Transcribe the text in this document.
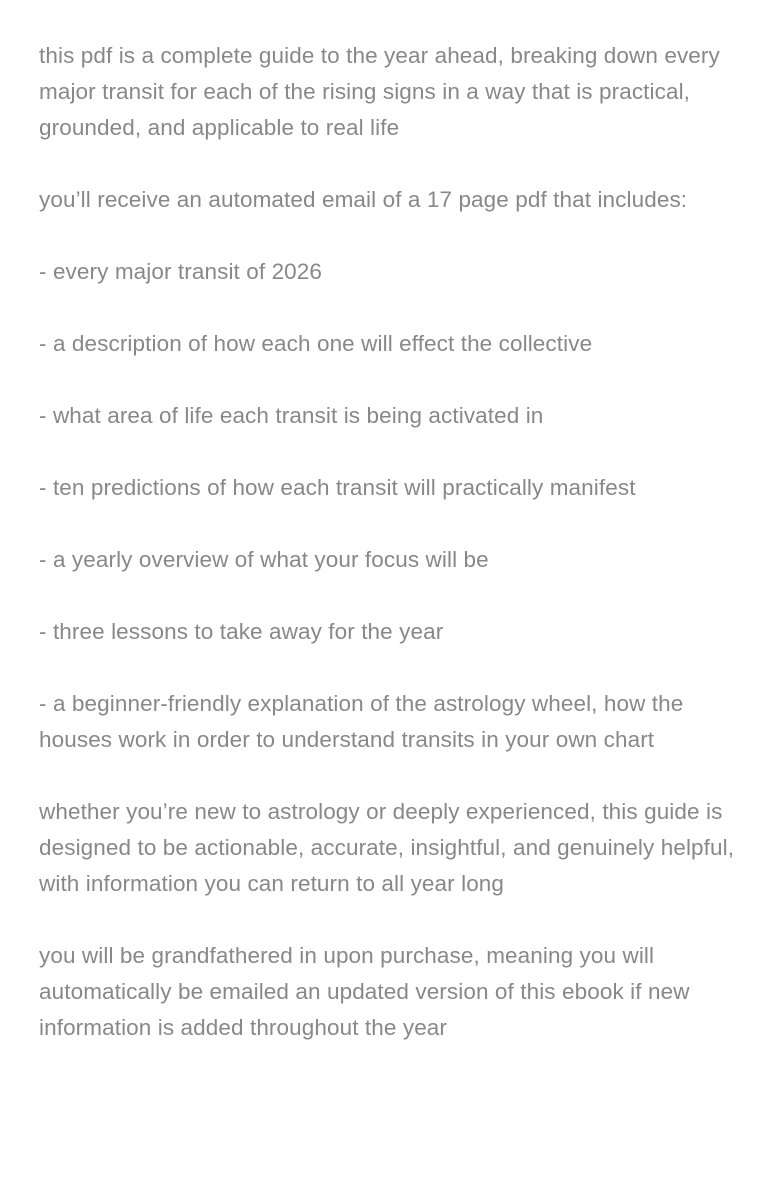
this pdf is a complete guide to the year ahead, breaking down every major transit for each of the rising signs in a way that is practical, grounded, and applicable to real life

you’ll receive an automated email of a 17 page pdf that includes:

- every major transit of 2026

- a description of how each one will effect the collective

- what area of life each transit is being activated in

- ten predictions of how each transit will practically manifest

- a yearly overview of what your focus will be

- three lessons to take away for the year

- a beginner-friendly explanation of the astrology wheel, how the houses work in order to understand transits in your own chart

whether you’re new to astrology or deeply experienced, this guide is designed to be actionable, accurate, insightful, and genuinely helpful, with information you can return to all year long

you will be grandfathered in upon purchase, meaning you will automatically be emailed an updated version of this ebook if new information is added throughout the year
